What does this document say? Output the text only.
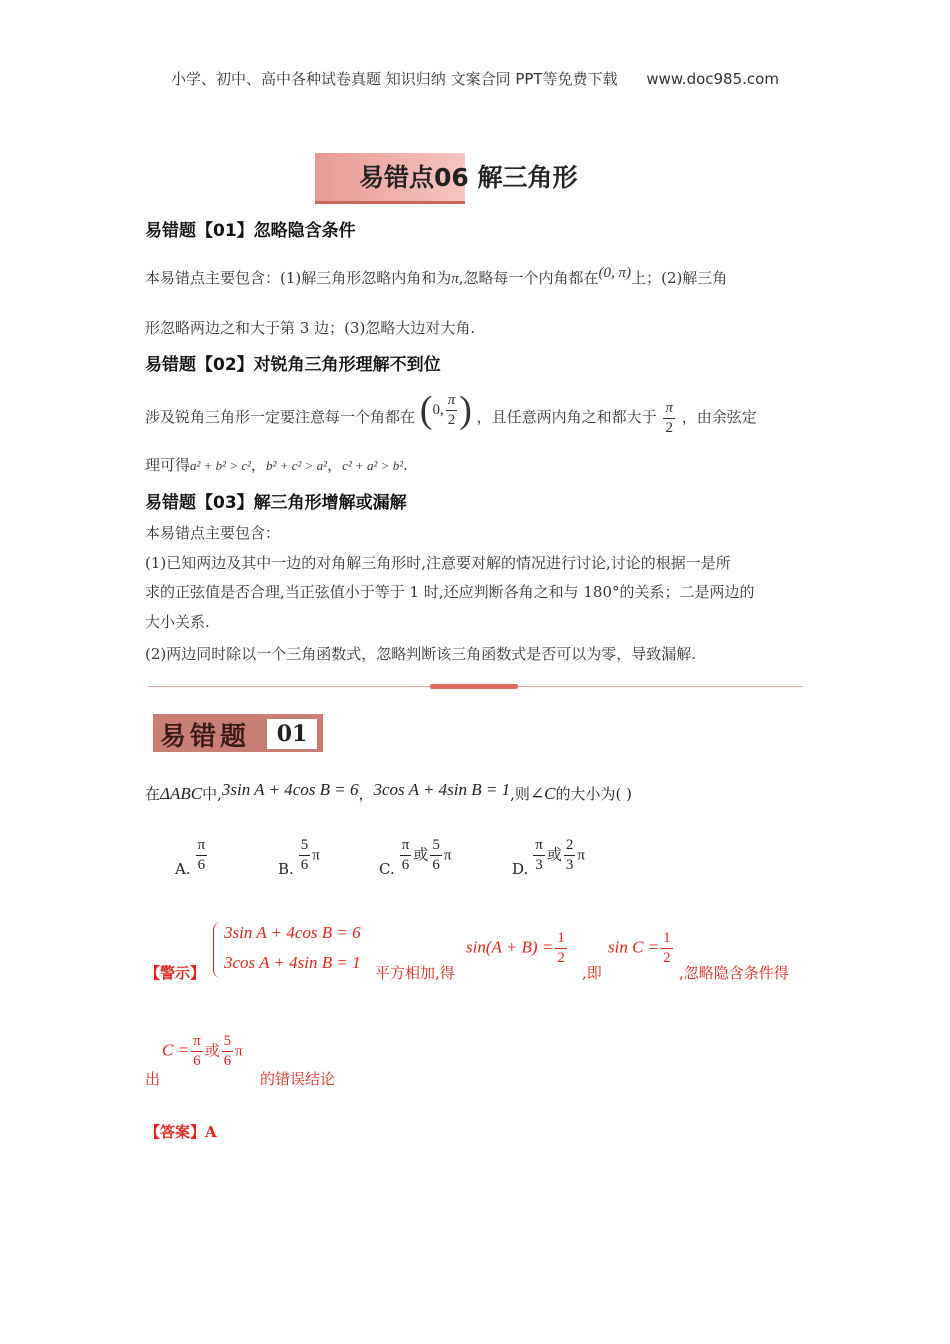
小学、初中、高中各种试卷真题 知识归纳 文案合同 PPT等免费下载 www.doc985.com
易错点06 解三角形
易错题【01】忽略隐含条件
本易错点主要包含：(1)解三角形忽略内角和为π,忽略每一个内角都在(0, π)上；(2)解三角
形忽略两边之和大于第 3 边；(3)忽略大边对大角.
易错题【02】对锐角三角形理解不到位
涉及锐角三角形一定要注意每一个角都在 ( 0, $\frac{\pi}{2}$ ) ，且任意两内角之和都大于 $\frac{\pi}{2}$ ，由余弦定
理可得a² + b² > c²，b² + c² > a²，c² + a² > b².
易错题【03】解三角形增解或漏解
本易错点主要包含：
(1)已知两边及其中一边的对角解三角形时,注意要对解的情况进行讨论,讨论的根据一是所
求的正弦值是否合理,当正弦值小于等于 1 时,还应判断各角之和与 180°的关系；二是两边的
大小关系.
(2)两边同时除以一个三角函数式，忽略判断该三角函数式是否可以为零，导致漏解.
易错题	01
在ΔABC中,3sin A + 4cos B = 6，3cos A + 4sin B = 1,则∠C的大小为( )
A. $\frac{\pi}{6}$	B. $\frac{5}{6}$ π
C. $\frac{\pi}{6}$ 或 $\frac{5}{6}$ π
D. $\frac{\pi}{3}$ 或 $\frac{2}{3}$ π
3sin A + 4cos B = 6
3cos A + 4sin B = 1
【警示】	平方相加,得
$\sin(A + B) = \frac{1}{2}$
,即
$\sin C = \frac{1}{2}$
,忽略隐含条件得
出
$C = \frac{\pi}{6}$ 或 $\frac{5}{6}$ π
的错误结论
【答案】A
